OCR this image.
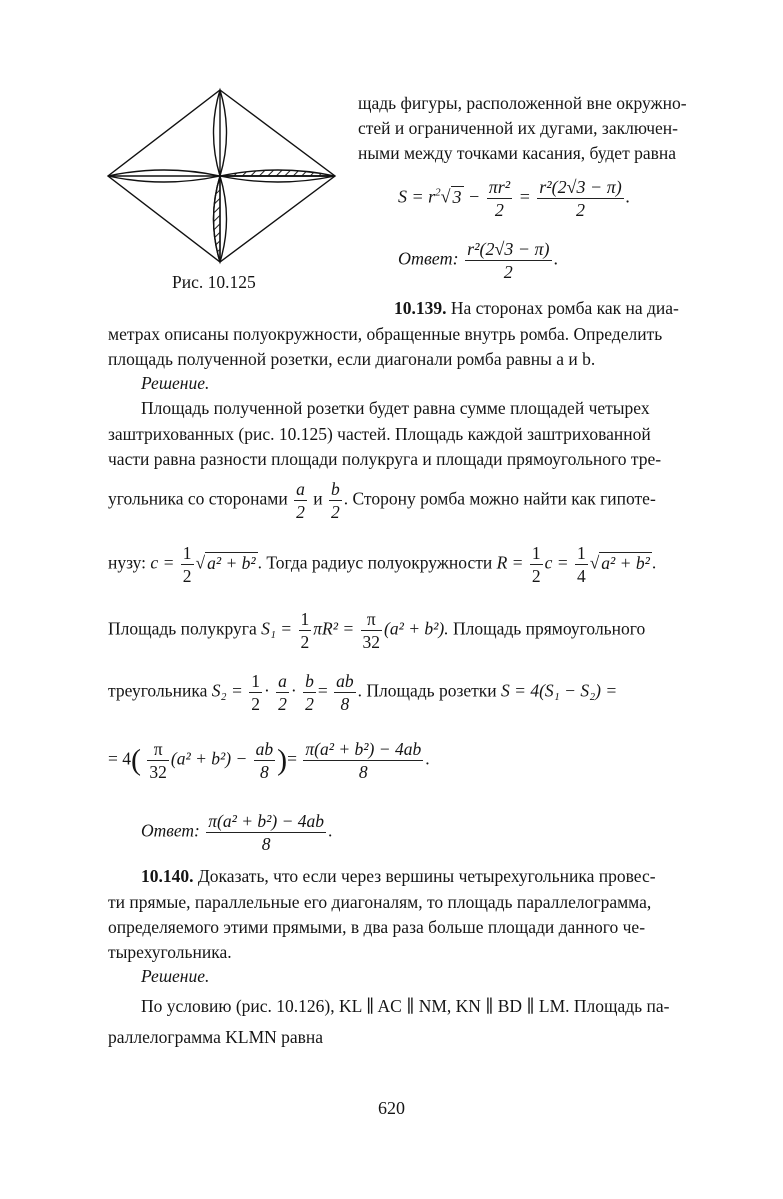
Рис. 10.125
щадь фигуры, расположенной вне окружно-
стей и ограниченной их дугами, заключен-
ными между точками касания, будет равна
$S = r^2√$ $3 - \frac{\text{πr²}}{2} = \frac{\text{r²(2√3 − π)}}{2}$ .
Ответ: $\frac{\text{r²(2√3 − π)}}{2}$ .
10.139. На сторонах ромба как на диа-
метрах описаны полуокружности, обращенные внутрь ромба. Определить
площадь полученной розетки, если диагонали ромба равны a и b.
Решение.
Площадь полученной розетки будет равна сумме площадей четырех
заштрихованных (рис. 10.125) частей. Площадь каждой заштрихованной
части равна разности площади полукруга и площади прямоугольного тре-
угольника со сторонами $\frac{a}{2}$ и $\frac{b}{2}$ . Сторону ромба можно найти как гипоте-
нузу: $c = \frac{1}{2}$ √ a² + b² . Тогда радиус полуокружности $R = \frac{1}{2}$ $c = \frac{1}{4}$ √ a² + b² .
Площадь полукруга $S_1 = \frac{1}{2} \pi R^2 = \frac{\pi}{32} (a^2 + b^2)$. Площадь прямоугольного
треугольника $S_2 = \frac{1}{2} \cdot \frac{a}{2} \cdot \frac{b}{2} = \frac{ab}{8}$ . Площадь розетки S = 4(S₁ − S₂) =
= $4( \frac{\pi}{32} (a^2 + b^2) - \frac{ab}{8}$ )= $\frac{\text{π(a² + b²) − 4ab}}{8}$ .
Ответ: $\frac{\text{π(a² + b²) − 4ab}}{8}$ .
10.140. Доказать, что если через вершины четырехугольника провес-
ти прямые, параллельные его диагоналям, то площадь параллелограмма,
определяемого этими прямыми, в два раза больше площади данного че-
тырехугольника.
Решение.
По условию (рис. 10.126), KL ∥ AC ∥ NM, KN ∥ BD ∥ LM. Площадь па-
раллелограмма KLMN равна
620
